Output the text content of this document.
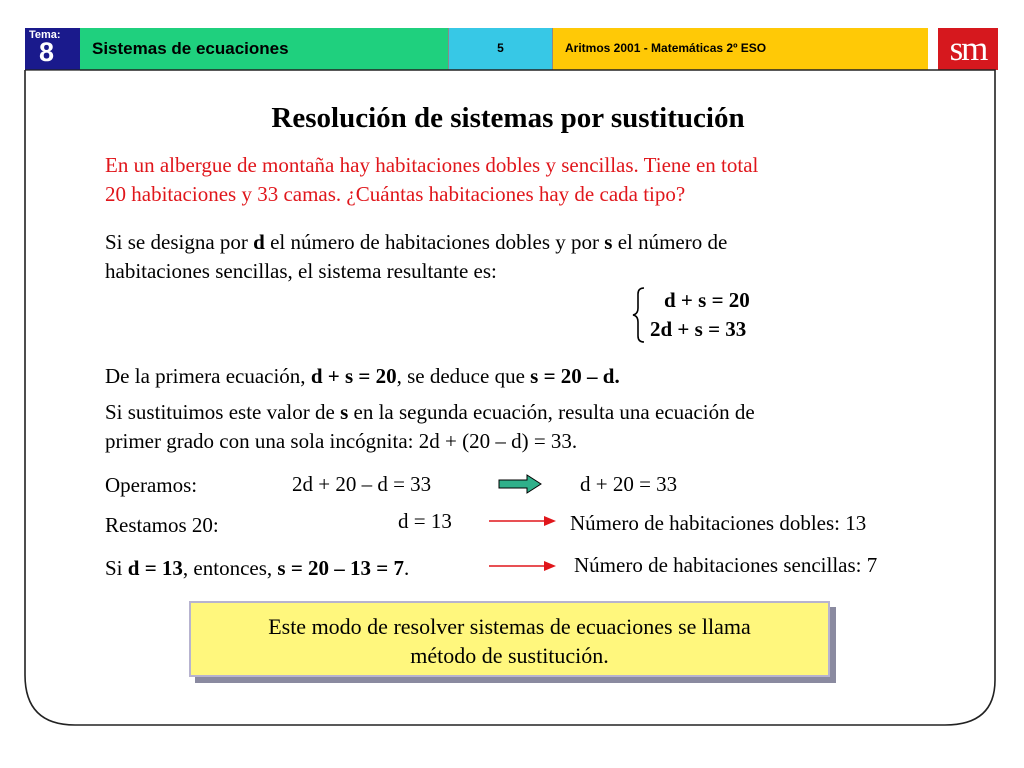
Tema:
8 Sistemas de ecuaciones	5	Aritmos 2001 - Matemáticas 2º ESO	sm
Resolución de sistemas por sustitución
En un albergue de montaña hay habitaciones dobles y sencillas. Tiene en total
20 habitaciones y 33 camas. ¿Cuántas habitaciones hay de cada tipo?
Si se designa por d el número de habitaciones dobles y por s el número de
habitaciones sencillas, el sistema resultante es:
d + s = 20
2d + s = 33
De la primera ecuación, d + s = 20, se deduce que s = 20 – d.
Si sustituimos este valor de s en la segunda ecuación, resulta una ecuación de
primer grado con una sola incógnita: 2d + (20 – d) = 33.
Operamos:	2d + 20 – d = 33	d + 20 = 33
Restamos 20:	d = 13	Número de habitaciones dobles: 13
Si d = 13, entonces, s = 20 – 13 = 7.	Número de habitaciones sencillas: 7
Este modo de resolver sistemas de ecuaciones se llama
método de sustitución.
